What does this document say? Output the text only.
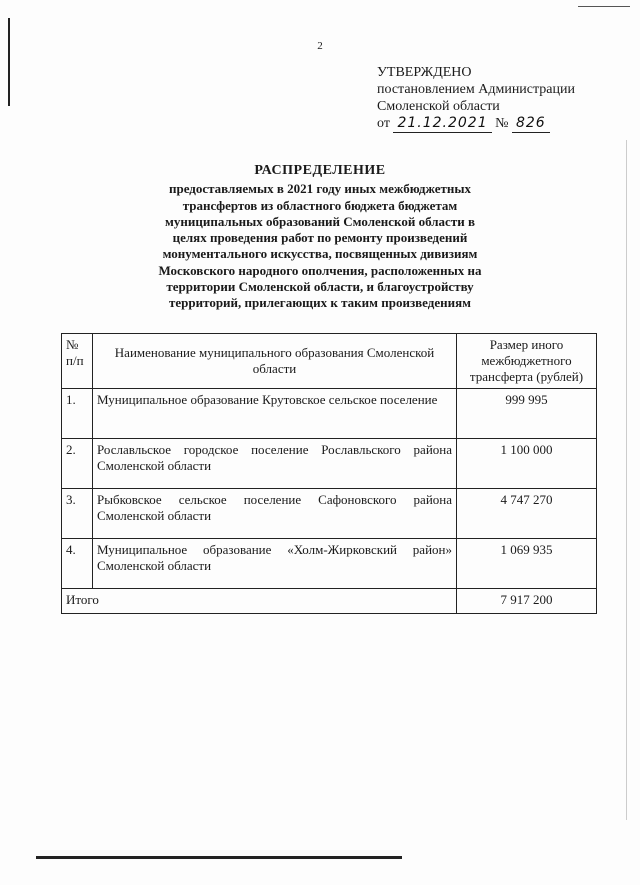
2
УТВЕРЖДЕНО
постановлением Администрации
Смоленской области
от 21.12.2021 № 826
РАСПРЕДЕЛЕНИЕ
предоставляемых в 2021 году иных межбюджетных
трансфертов из областного бюджета бюджетам
муниципальных образований Смоленской области в
целях проведения работ по ремонту произведений
монументального искусства, посвященных дивизиям
Московского народного ополчения, расположенных на
территории Смоленской области, и благоустройству
территорий, прилегающих к таким произведениям
№ п/п	Наименование муниципального образования Смоленской области	Размер иного межбюджетного трансферта (рублей)
1.	Муниципальное образование Крутовское сельское поселение	999 995
2.	Рославльское городское поселение Рославльского района Смоленской области	1 100 000
3.	Рыбковское сельское поселение Сафоновского района Смоленской области	4 747 270
4.	Муниципальное образование «Холм-Жирковский район» Смоленской области	1 069 935
Итого		7 917 200
